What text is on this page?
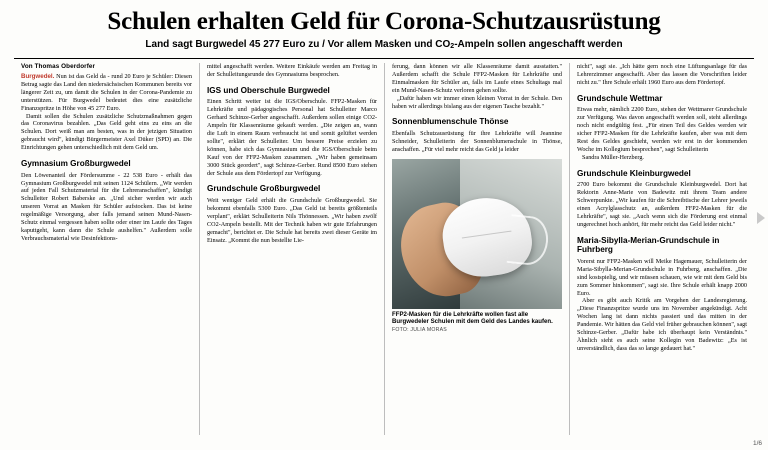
Schulen erhalten Geld für Corona-Schutzausrüstung
Land sagt Burgwedel 45 277 Euro zu / Vor allem Masken und CO2-Ampeln sollen angeschafft werden
Von Thomas Oberdorfer

Burgwedel. Nun ist das Geld da - rund 20 Euro je Schüler: Diesen Betrag sagte das Land den niedersächsischen Kommunen bereits vor längerer Zeit zu, um damit die Schulen in der Corona-Pandemie zu unterstützen. Für Burgwedel bedeutet dies eine zusätzliche Finanzspritze in Höhe von 45 277 Euro.

Damit sollen die Schulen zusätzliche Schutzmaßnahmen gegen das Coronavirus bezahlen. „Das Geld geht eins zu eins an die Schulen. Dort weiß man am besten, was in der jetzigen Situation gebraucht wird", kündigt Bürgermeister Axel Düker (SPD) an. Die Einrichtungen gehen unterschiedlich mit dem Geld um.

Gymnasium Großburgwedel

Den Löwenanteil der Fördersumme - 22 538 Euro - erhält das Gymnasium Großburgwedel mit seinen 1124 Schülern. „Wir werden auf jeden Fall Schutzmaterial für die Lehreranschaffen", kündigt Schulleiter Robert Baberske an. „Und sicher werden wir auch unseren Vorrat an Masken für Schüler aufstocken. Das ist keine regelmäßige Versorgung, aber falls jemand seinen Mund-Nasen-Schutz einmal vergessen haben sollte oder einer im Laufe des Tages kaputtgeht, kann dann die Schule aushelfen." Außerdem solle Verbrauchsmaterial wie Desinfektions-

mittel angeschafft werden. Weitere Einkäufe werden am Freitag in der Schulleitungsrunde des Gymnasiums besprochen.

IGS und Oberschule Burgwedel

Einen Schritt weiter ist die IGS/Oberschule. FFP2-Masken für Lehrkräfte und pädagogisches Personal hat Schulleiter Marco Gerhard Schinze-Gerber angeschafft. Außerdem sollen einige CO2-Ampeln für Klassenräume gekauft werden. „Die zeigen an, wann die Luft in einem Raum verbraucht ist und somit gelüftet werden sollte", erklärt der Schulleiter. Um bessere Preise erzielen zu können, habe sich das Gymnasium und die IGS/Oberschule beim Kauf von der FFP2-Masken zusammen. „Wir haben gemeinsam 3000 Stück geordert", sagt Schinze-Gerber. Rund 8500 Euro stehen der Schule aus dem Fördertopf zur Verfügung.

Grundschule Großburgwedel

Weit weniger Geld erhält die Grundschule Großburgwedel. Sie bekommt ebenfalls 5300 Euro. „Das Geld ist bereits größtenteils verplant", erklärt Schulleiterin Nils Thönnessen. „Wir haben zwölf CO2-Ampeln bestellt. Mit der Technik haben wir gute Erfahrungen gemacht", berichtet er. Die Schule hat bereits zwei dieser Geräte im Einsatz. „Kommt die nun bestellte Lie-

ferung, dann können wir alle Klassenräume damit ausstatten." Außerdem schafft die Schule FFP2-Masken für Lehrkräfte und Einmalmasken für Schüler an, falls im Laufe eines Schultags mal ein Mund-Nasen-Schutz verloren gehen sollte.

„Dafür haben wir immer einen kleinen Vorrat in der Schule. Den haben wir allerdings bislang aus der eigenen Tasche bezahlt."

Sonnenblumenschule Thönse

Ebenfalls Schutzausrüstung für ihre Lehrkräfte will Jeannine Schneider, Schulleiterin der Sonnenblumenschule in Thönse, anschaffen. „Für viel mehr reicht das Geld ja leider

FFP2-Masken für die Lehrkräfte wollen fast alle Burgwedeler Schulen mit dem Geld des Landes kaufen.
FOTO: JULIA MORAS

nicht", sagt sie. „Ich hätte gern noch eine Lüftungsanlage für das Lehrerzimmer angeschafft. Aber das lassen die Vorschriften leider nicht zu." Ihre Schule erhält 1960 Euro aus dem Fördertopf.

Grundschule Wettmar

Etwas mehr, nämlich 2200 Euro, stehen der Wettmarer Grundschule zur Verfügung. Was davon angeschafft werden soll, steht allerdings noch nicht endgültig fest. „Für einen Teil des Geldes werden wir sicher FFP2-Masken für die Lehrkräfte kaufen, aber was mit dem Rest des Geldes geschieht, werden wir erst in der kommenden Woche im Kollegium besprechen", sagt Schulleiterin

Sandra Müller-Herzberg.

Grundschule Kleinburgwedel

2700 Euro bekommt die Grundschule Kleinburgwedel. Dort hat Rektorin Anne-Marie von Badewitz mit ihrem Team andere Schwerpunkte. „Wir kaufen für die Schreibtische der Lehrer jeweils einen Acrylglasschutz an, außerdem FFP2-Masken für die Lehrkräfte", sagt sie. „Auch wenn sich die Förderung erst einmal ungerechnet hoch anhört, für mehr reicht das Geld leider nicht."

Maria-Sibylla-Merian-Grundschule in Fuhrberg

Vorerst nur FFP2-Masken will Meike Hagemauer, Schulleiterin der Maria-Sibylla-Merian-Grundschule in Fuhrberg, anschaffen. „Die sind kostspielig, und wir müssen schauen, wie wir mit dem Geld bis zum Sommer hinkommen", sagt sie. Ihre Schule erhält knapp 2000 Euro.

Aber es gibt auch Kritik am Vorgehen der Landesregierung. „Diese Finanzspritze wurde uns im November angekündigt. Acht Wochen lang ist dann nichts passiert und das mitten in der Pandemie. Wir hätten das Geld viel früher gebrauchen können", sagt Schinze-Gerber. „Dafür habe ich überhaupt kein Verständnis." Ähnlich sieht es auch seine Kollegin von Badewitz: „Es ist unverständlich, dass das so lange gedauert hat."

1/6
